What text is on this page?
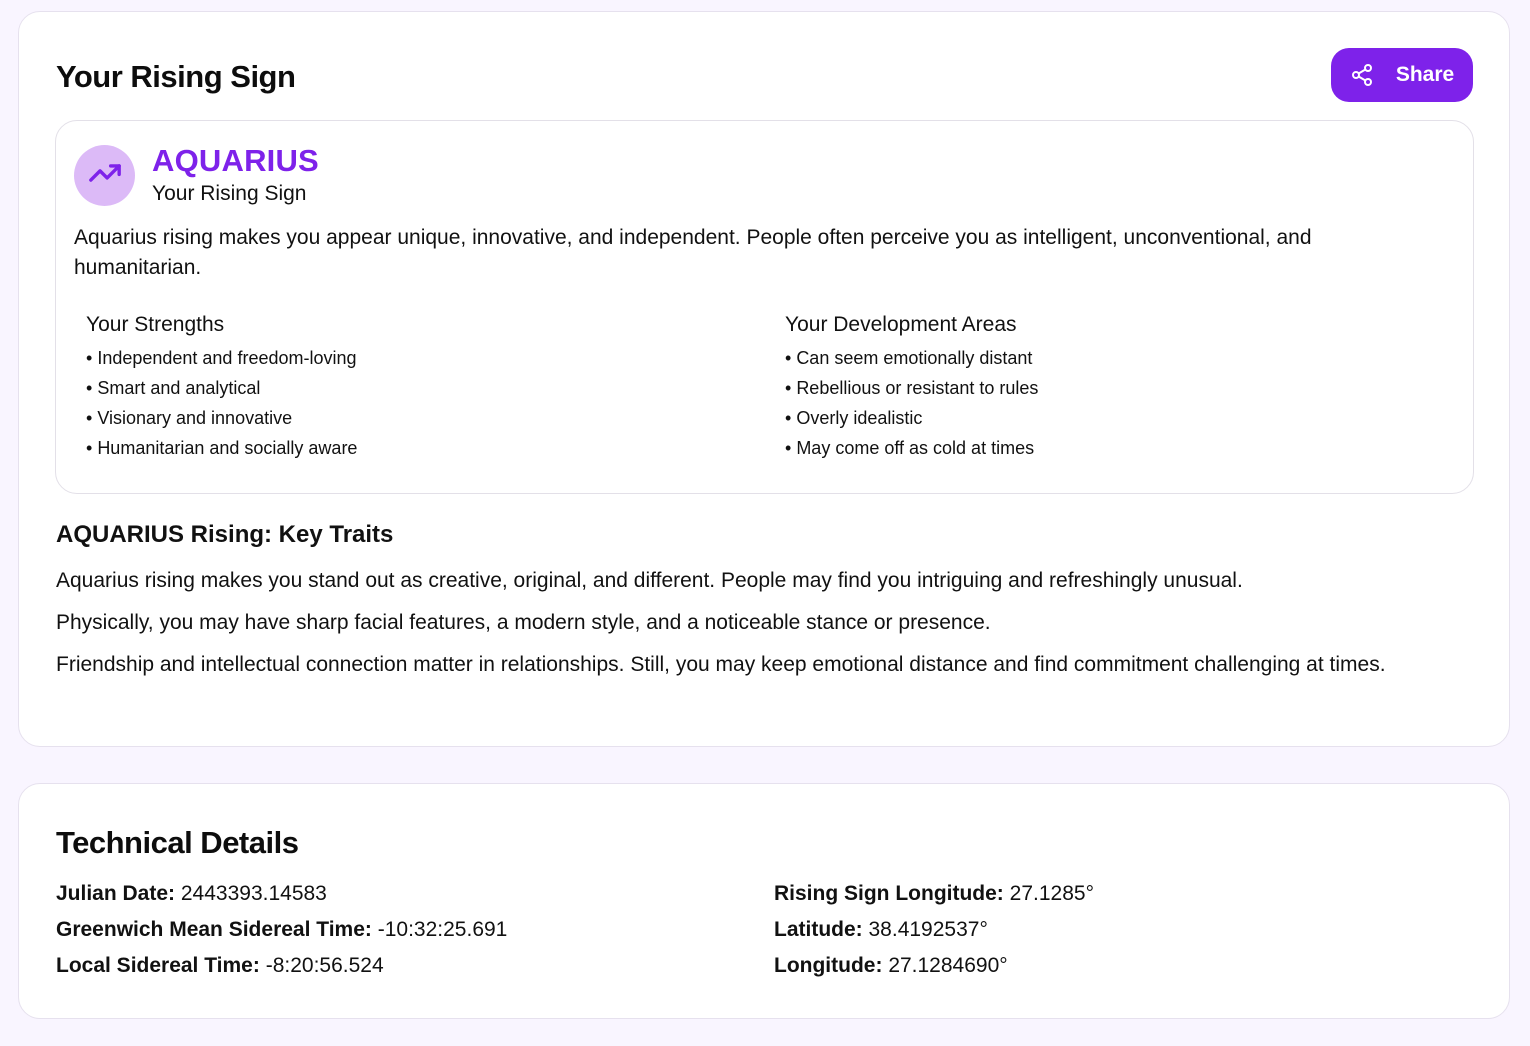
Your Rising Sign	Share
AQUARIUS
Your Rising Sign

Aquarius rising makes you appear unique, innovative, and independent. People often perceive you as intelligent, unconventional, and humanitarian.

Your Strengths
• Independent and freedom-loving
• Smart and analytical
• Visionary and innovative
• Humanitarian and socially aware
Your Development Areas
• Can seem emotionally distant
• Rebellious or resistant to rules
• Overly idealistic
• May come off as cold at times
AQUARIUS Rising: Key Traits

Aquarius rising makes you stand out as creative, original, and different. People may find you intriguing and refreshingly unusual.

Physically, you may have sharp facial features, a modern style, and a noticeable stance or presence.

Friendship and intellectual connection matter in relationships. Still, you may keep emotional distance and find commitment challenging at times.

Technical Details
Julian Date: 2443393.14583
Greenwich Mean Sidereal Time: -10:32:25.691
Local Sidereal Time: -8:20:56.524
Rising Sign Longitude: 27.1285°
Latitude: 38.4192537°
Longitude: 27.1284690°
